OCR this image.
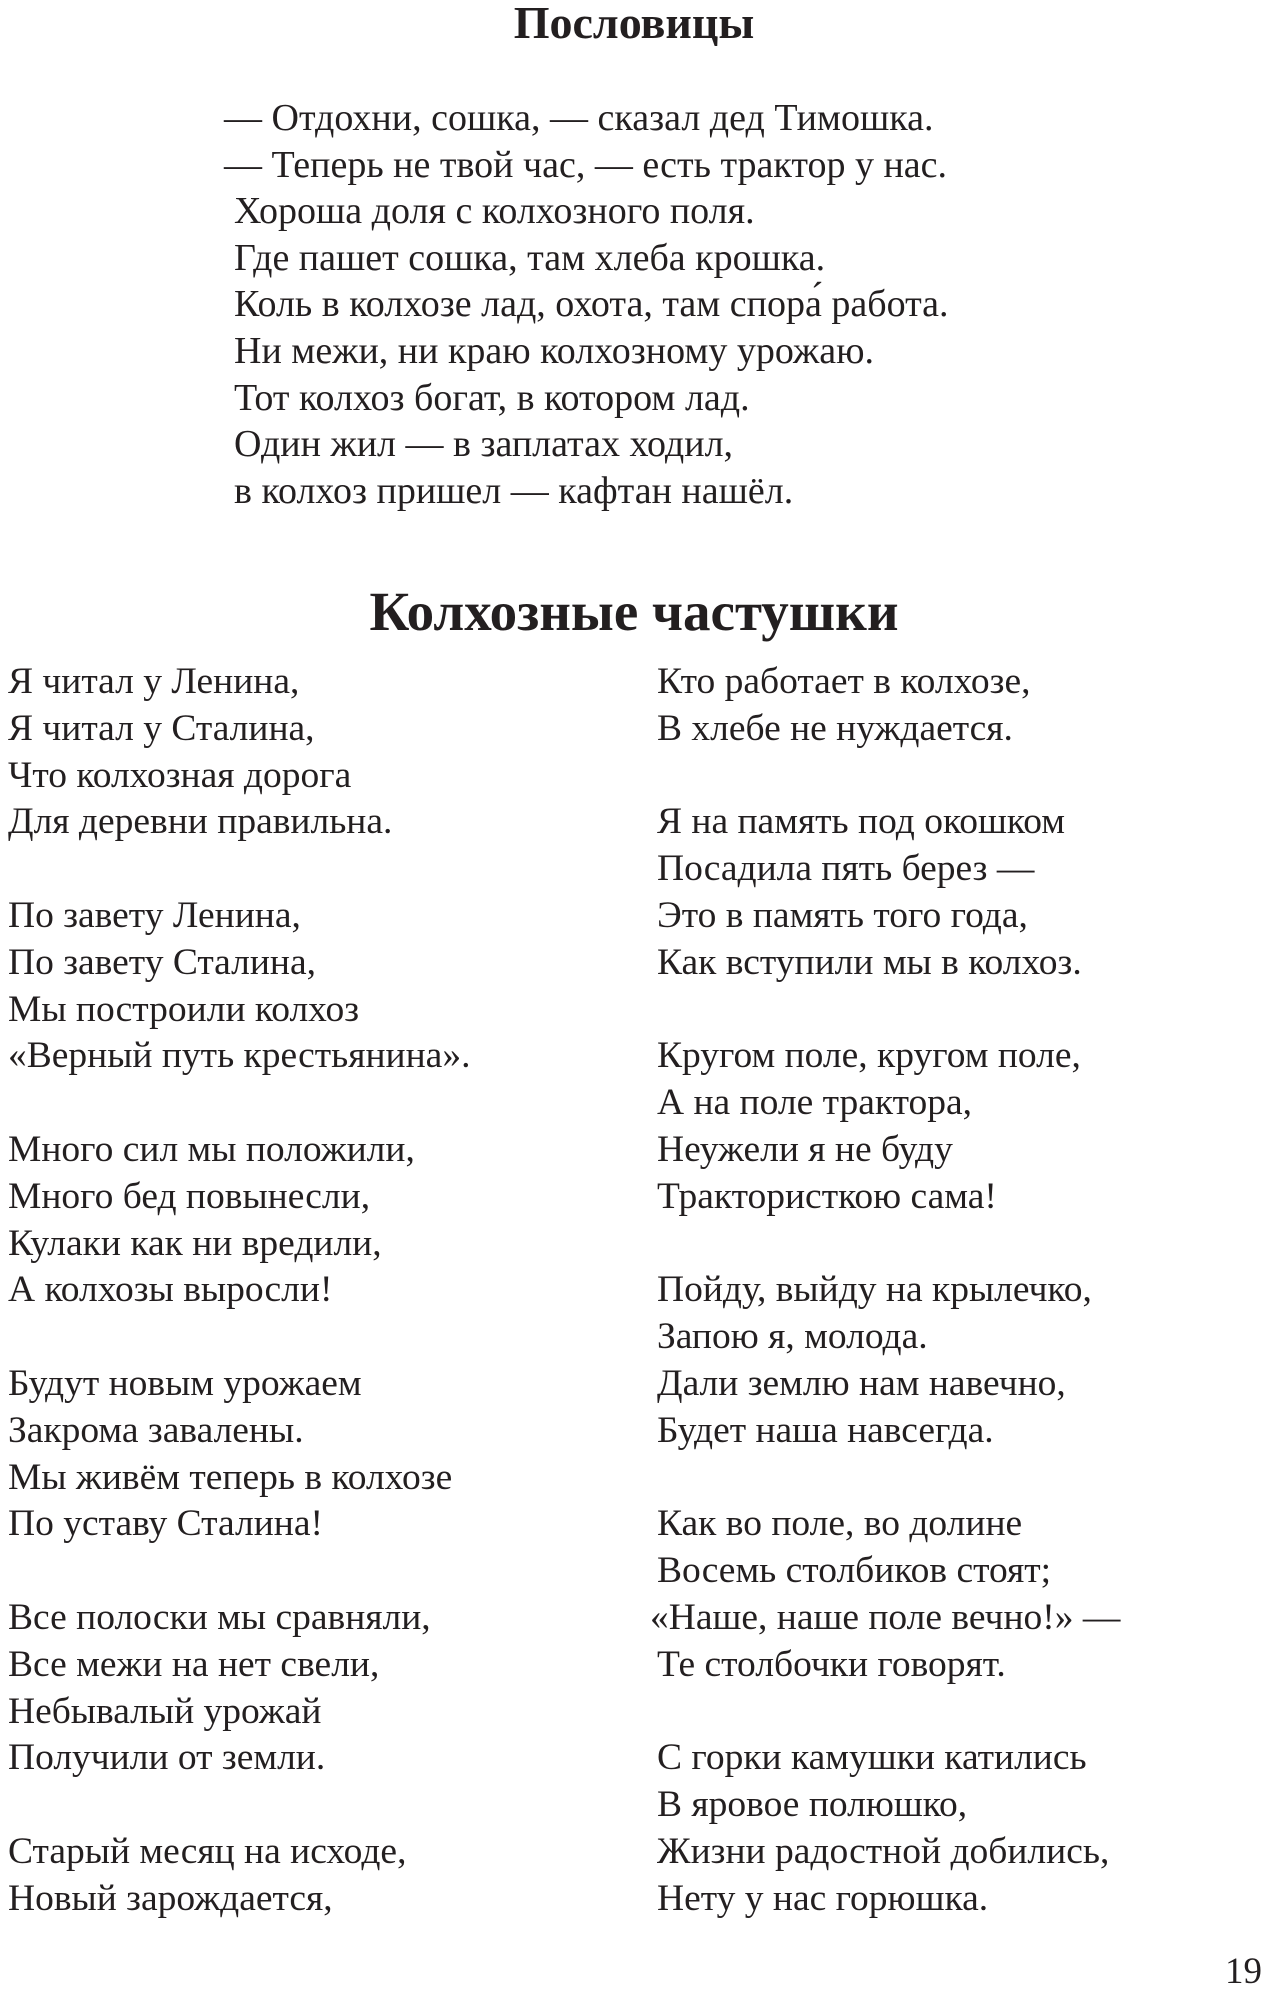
Пословицы
— Отдохни, сошка, — сказал дед Тимошка.
— Теперь не твой час, — есть трактор у нас.
Хороша доля с колхозного поля.
Где пашет сошка, там хлеба крошка.
Коль в колхозе лад, охота, там спора́ работа.
Ни межи, ни краю колхозному урожаю.
Тот колхоз богат, в котором лад.
Один жил — в заплатах ходил,
в колхоз пришел — кафтан нашёл.
Колхозные частушки
Я читал у Ленина,
Я читал у Сталина,
Что колхозная дорога
Для деревни правильна.
По завету Ленина,
По завету Сталина,
Мы построили колхоз
«Верный путь крестьянина».
Много сил мы положили,
Много бед повынесли,
Кулаки как ни вредили,
А колхозы выросли!
Будут новым урожаем
Закрома завалены.
Мы живём теперь в колхозе
По уставу Сталина!
Все полоски мы сравняли,
Все межи на нет свели,
Небывалый урожай
Получили от земли.
Старый месяц на исходе,
Новый зарождается,
Кто работает в колхозе,
В хлебе не нуждается.
Я на память под окошком
Посадила пять берез —
Это в память того года,
Как вступили мы в колхоз.
Кругом поле, кругом поле,
А на поле трактора,
Неужели я не буду
Трактористкою сама!
Пойду, выйду на крылечко,
Запою я, молода.
Дали землю нам навечно,
Будет наша навсегда.
Как во поле, во долине
Восемь столбиков стоят;
«Наше, наше поле вечно!» —
Те столбочки говорят.
С горки камушки катились
В яровое полюшко,
Жизни радостной добились,
Нету у нас горюшка.
19
